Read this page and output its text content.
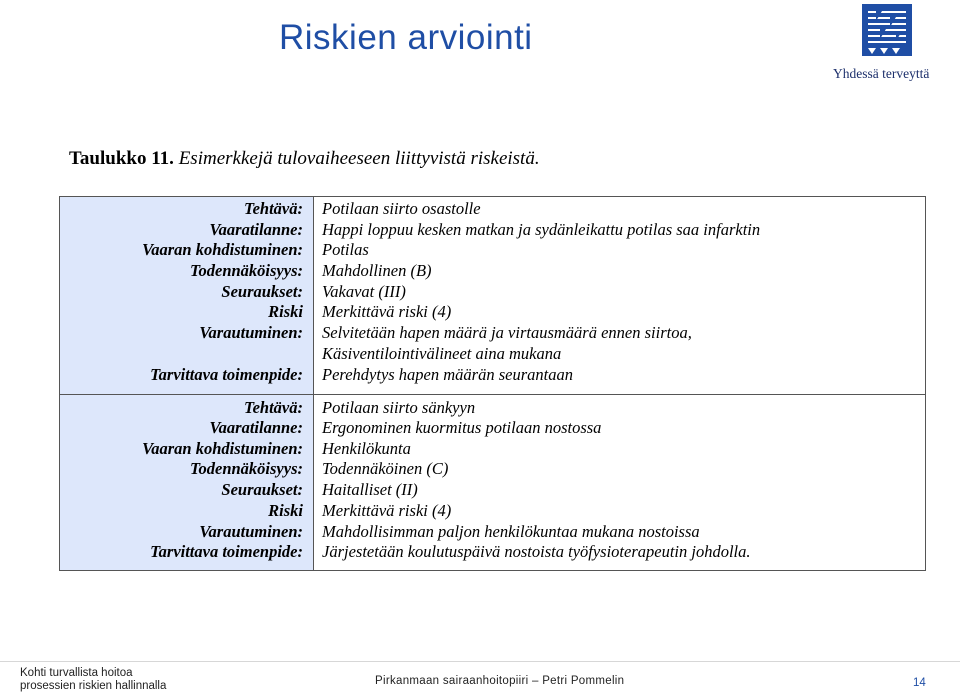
Riskien arviointi
Yhdessä terveyttä
Taulukko 11. Esimerkkejä tulovaiheeseen liittyvistä riskeistä.
Tehtävä: Potilaan siirto osastolle
Vaaratilanne: Happi loppuu kesken matkan ja sydänleikattu potilas saa infarktin
Vaaran kohdistuminen: Potilas
Todennäköisyys: Mahdollinen (B)
Seuraukset: Vakavat (III)
Riski Merkittävä riski (4)
Varautuminen: Selvitetään hapen määrä ja virtausmäärä ennen siirtoa,
Käsiventilointivälineet aina mukana
Tarvittava toimenpide: Perehdytys hapen määrän seurantaan
Tehtävä: Potilaan siirto sänkyyn
Vaaratilanne: Ergonominen kuormitus potilaan nostossa
Vaaran kohdistuminen: Henkilökunta
Todennäköisyys: Todennäköinen (C)
Seuraukset: Haitalliset (II)
Riski Merkittävä riski (4)
Varautuminen: Mahdollisimman paljon henkilökuntaa mukana nostoissa
Tarvittava toimenpide: Järjestetään koulutuspäivä nostoista työfysioterapeutin johdolla.
Kohti turvallista hoitoa
prosessien riskien hallinnalla	Pirkanmaan sairaanhoitopiiri – Petri Pommelin	14
